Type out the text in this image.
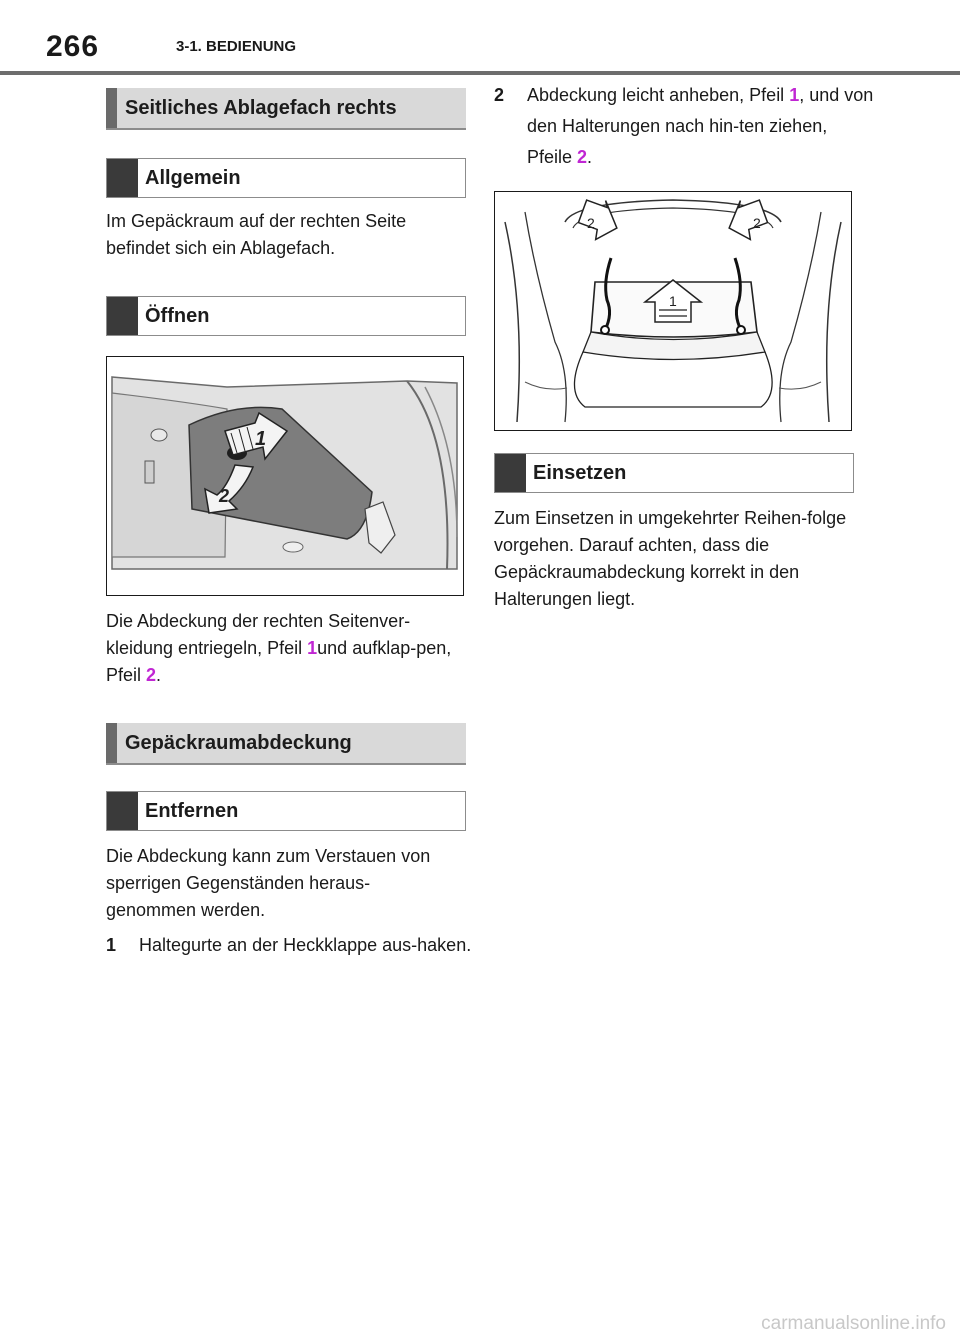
266	3-1. BEDIENUNG
Seitliches Ablagefach rechts
Allgemein

Im Gepäckraum auf der rechten Seite befindet sich ein Ablagefach.

Öffnen
1
2

Die Abdeckung der rechten Seitenver-kleidung entriegeln, Pfeil 1und aufklap-pen, Pfeil 2.

Gepäckraumabdeckung
Entfernen

Die Abdeckung kann zum Verstauen von sperrigen Gegenständen heraus-genommen werden.

1 Haltegurte an der Heckklappe aus-haken.
2 Abdeckung leicht anheben, Pfeil 1, und von den Halterungen nach hin-ten ziehen, Pfeile 2.
1
2	2
Einsetzen

Zum Einsetzen in umgekehrter Reihen-folge vorgehen. Darauf achten, dass die Gepäckraumabdeckung korrekt in den Halterungen liegt.

carmanualsonline.info
